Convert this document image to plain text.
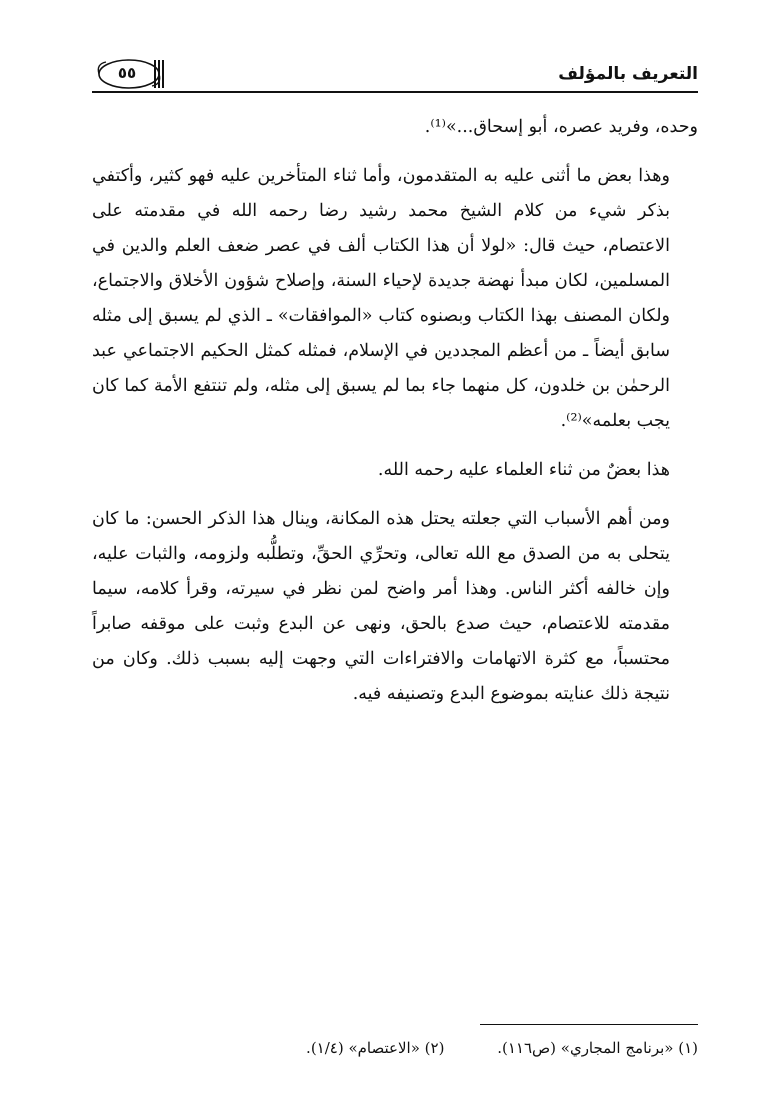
التعريف بالمؤلف
٥٥

وحده، وفريد عصره، أبو إسحاق...»⁽¹⁾.

وهذا بعض ما أثنى عليه به المتقدمون، وأما ثناء المتأخرين عليه فهو كثير، وأكتفي بذكر شيء من كلام الشيخ محمد رشيد رضا رحمه الله في مقدمته على الاعتصام، حيث قال: «لولا أن هذا الكتاب ألف في عصر ضعف العلم والدين في المسلمين، لكان مبدأ نهضة جديدة لإحياء السنة، وإصلاح شؤون الأخلاق والاجتماع، ولكان المصنف بهذا الكتاب وبصنوه كتاب «الموافقات» ـ الذي لم يسبق إلى مثله سابق أيضاً ـ من أعظم المجددين في الإسلام، فمثله كمثل الحكيم الاجتماعي عبد الرحمٰن بن خلدون، كل منهما جاء بما لم يسبق إلى مثله، ولم تنتفع الأمة كما كان يجب بعلمه»⁽²⁾.

هذا بعضٌ من ثناء العلماء عليه رحمه الله.

ومن أهم الأسباب التي جعلته يحتل هذه المكانة، وينال هذا الذكر الحسن: ما كان يتحلى به من الصدق مع الله تعالى، وتحرِّي الحقِّ، وتطلُّبه ولزومه، والثبات عليه، وإن خالفه أكثر الناس. وهذا أمر واضح لمن نظر في سيرته، وقرأ كلامه، سيما مقدمته للاعتصام، حيث صدع بالحق، ونهى عن البدع وثبت على موقفه صابراً محتسباً، مع كثرة الاتهامات والافتراءات التي وجهت إليه بسبب ذلك. وكان من نتيجة ذلك عنايته بموضوع البدع وتصنيفه فيه.

(١) «برنامج المجاري» (ص١١٦). (٢) «الاعتصام» (١/٤).
